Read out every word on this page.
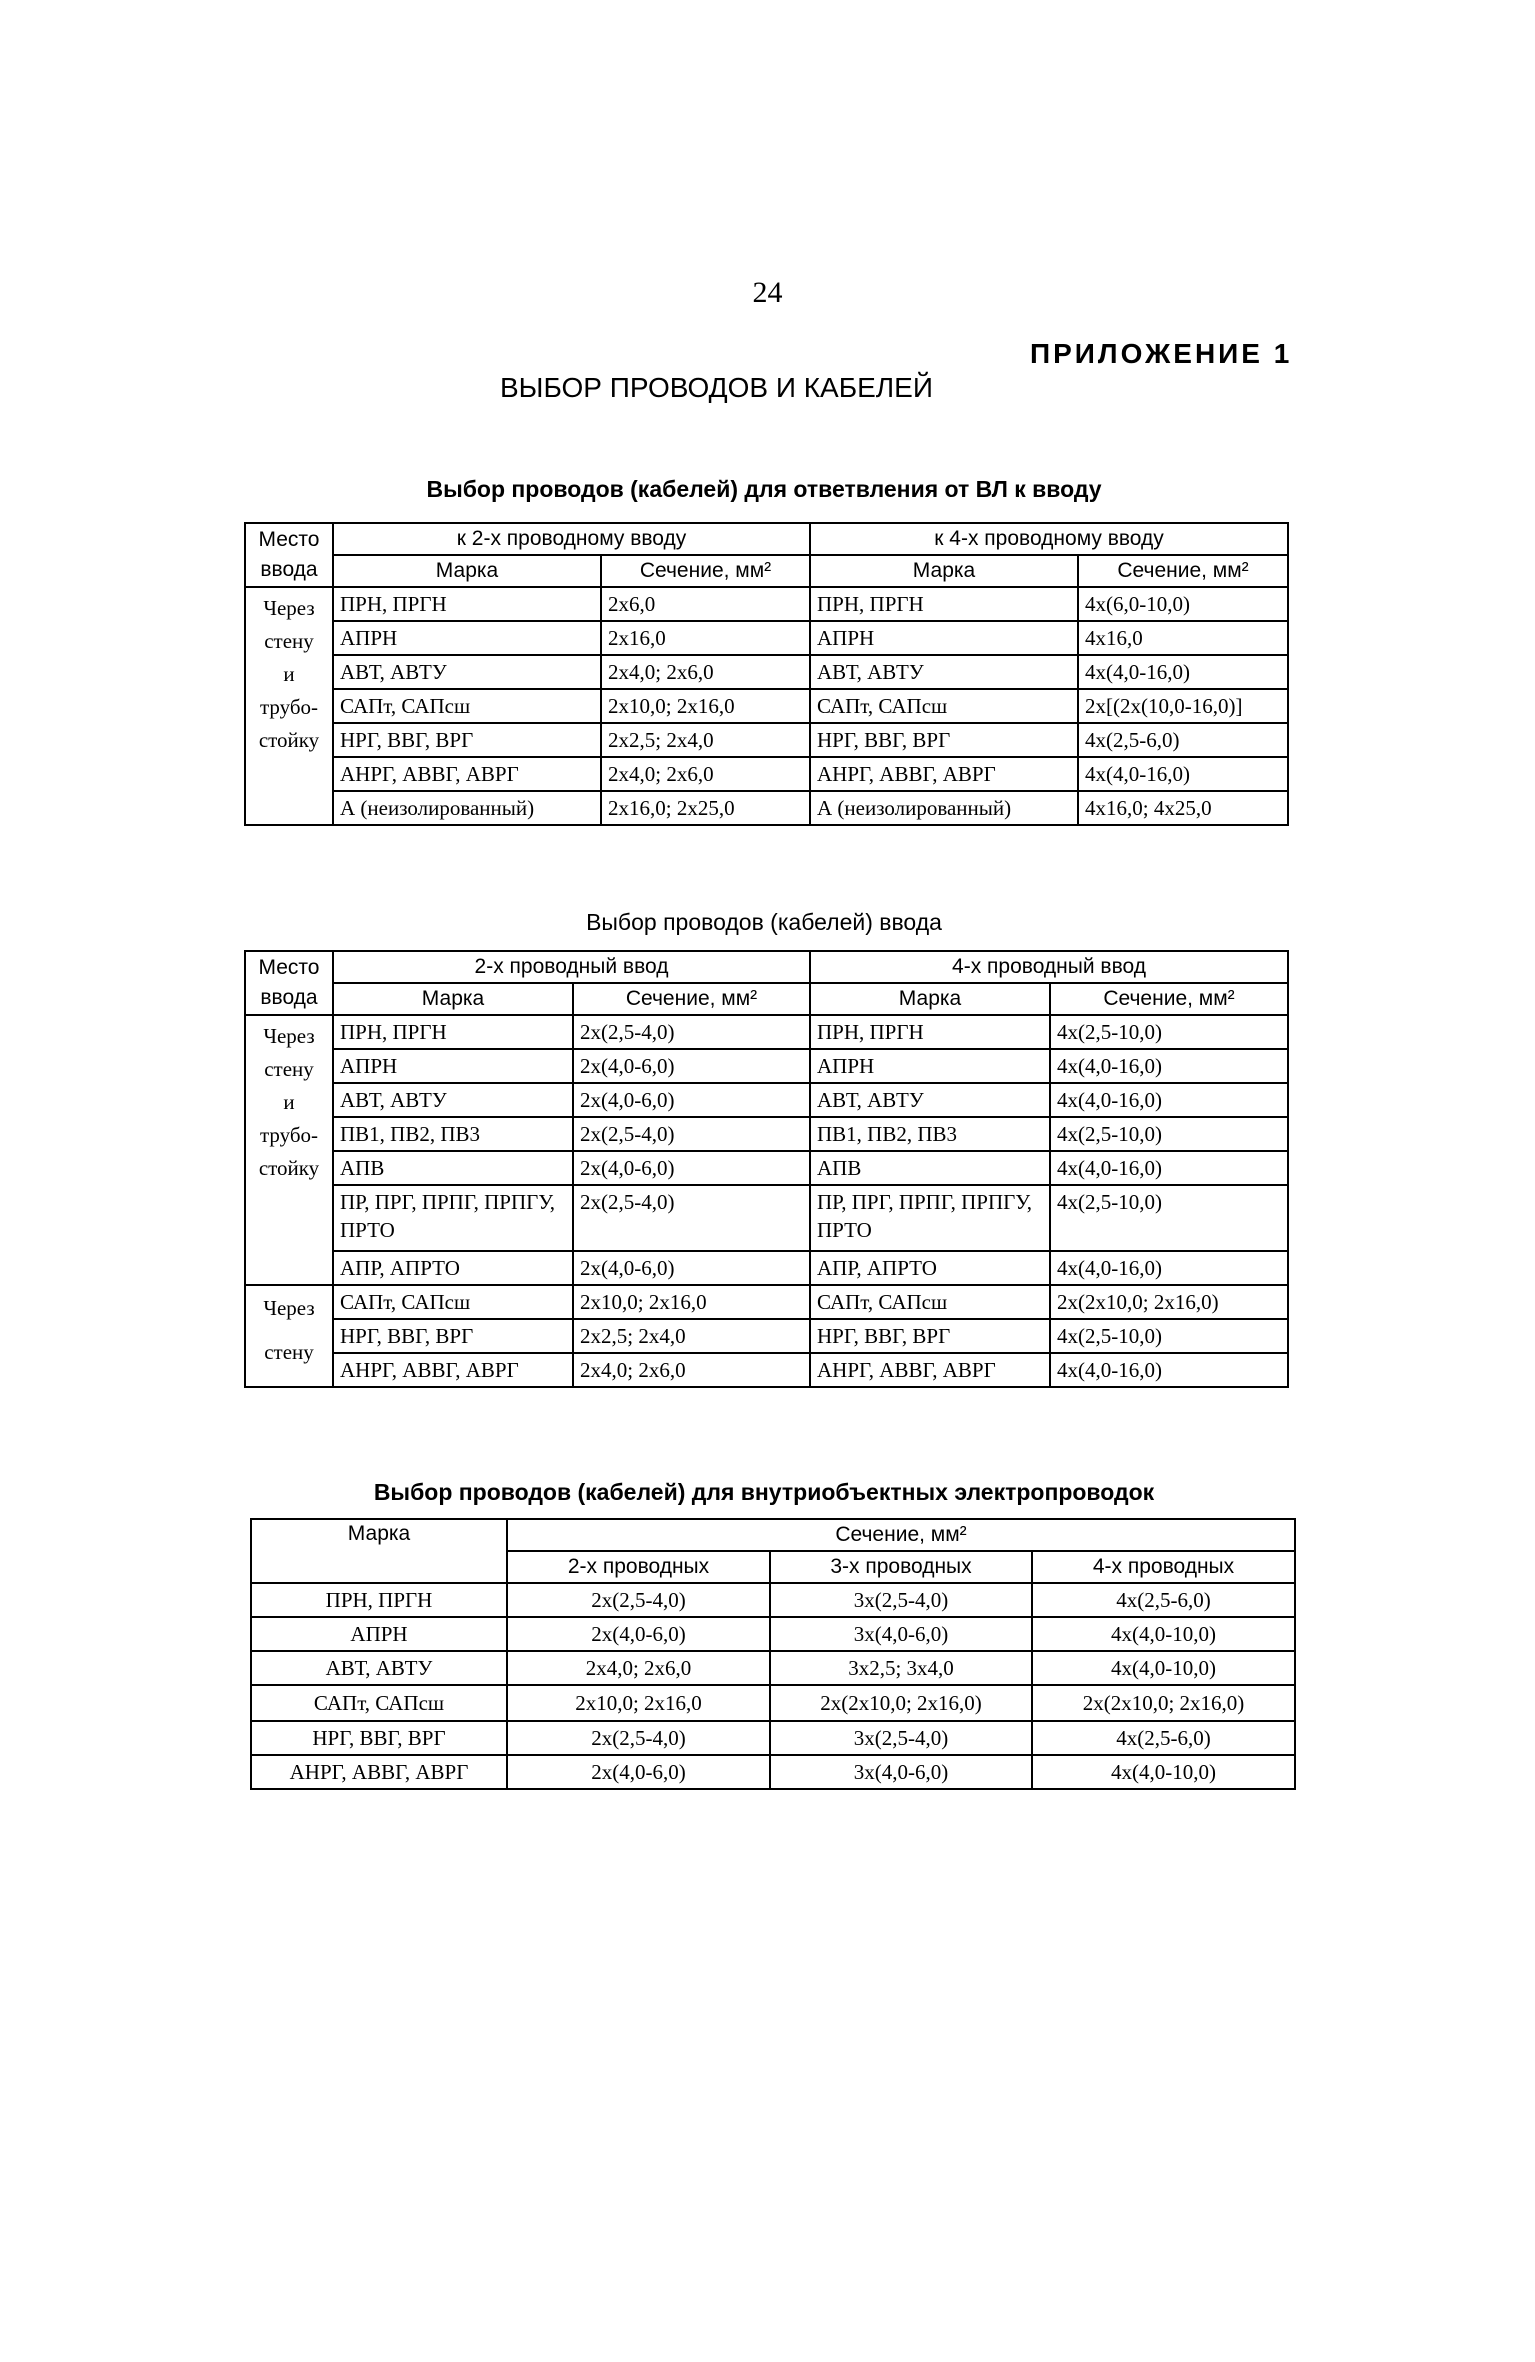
24
ПРИЛОЖЕНИЕ 1
ВЫБОР ПРОВОДОВ И КАБЕЛЕЙ
Выбор проводов (кабелей) для ответвления от ВЛ к вводу
Место ввода	к 2-х проводному вводу		к 4-х проводному вводу	
	Марка	Сечение, мм²	Марка	Сечение, мм²

Через
стену
и
трубо-
стойку	ПРН, ПРГН	2х6,0	ПРН, ПРГН	4х(6,0-10,0)
	АПРН	2х16,0	АПРН	4х16,0
	АВТ, АВТУ	2х4,0; 2х6,0	АВТ, АВТУ	4х(4,0-16,0)
	САПт, САПсш	2х10,0; 2х16,0	САПт, САПсш	2х[(2х(10,0-16,0)]
	НРГ, ВВГ, ВРГ	2х2,5; 2х4,0	НРГ, ВВГ, ВРГ	4х(2,5-6,0)
	АНРГ, АВВГ, АВРГ	2х4,0; 2х6,0	АНРГ, АВВГ, АВРГ	4х(4,0-16,0)
	А (неизолированный)	2х16,0; 2х25,0	А (неизолированный)	4х16,0; 4х25,0
Выбор проводов (кабелей) ввода
Место ввода	2-х проводный ввод		4-х проводный ввод	
	Марка	Сечение, мм²	Марка	Сечение, мм²

Через
стену
и
трубо-
стойку	ПРН, ПРГН	2х(2,5-4,0)	ПРН, ПРГН	4х(2,5-10,0)
	АПРН	2х(4,0-6,0)	АПРН	4х(4,0-16,0)
	АВТ, АВТУ	2х(4,0-6,0)	АВТ, АВТУ	4х(4,0-16,0)
	ПВ1, ПВ2, ПВ3	2х(2,5-4,0)	ПВ1, ПВ2, ПВ3	4х(2,5-10,0)
	АПВ	2х(4,0-6,0)	АПВ	4х(4,0-16,0)
	ПР, ПРГ, ПРПГ, ПРПГУ, ПРТО	2х(2,5-4,0)	ПР, ПРГ, ПРПГ, ПРПГУ, ПРТО	4х(2,5-10,0)
	АПР, АПРТО	2х(4,0-6,0)	АПР, АПРТО	4х(4,0-16,0)

Через
стену	САПт, САПсш	2х10,0; 2х16,0	САПт, САПсш	2х(2х10,0; 2х16,0)
	НРГ, ВВГ, ВРГ	2х2,5; 2х4,0	НРГ, ВВГ, ВРГ	4х(2,5-10,0)
	АНРГ, АВВГ, АВРГ	2х4,0; 2х6,0	АНРГ, АВВГ, АВРГ	4х(4,0-16,0)
Выбор проводов (кабелей) для внутриобъектных электропроводок
Марка	Сечение, мм²		
	2-х проводных	3-х проводных	4-х проводных
ПРН, ПРГН	2х(2,5-4,0)	3х(2,5-4,0)	4х(2,5-6,0)
АПРН	2х(4,0-6,0)	3х(4,0-6,0)	4х(4,0-10,0)
АВТ, АВТУ	2х4,0; 2х6,0	3х2,5; 3х4,0	4х(4,0-10,0)
САПт, САПсш	2х10,0; 2х16,0	2х(2х10,0; 2х16,0)	2х(2х10,0; 2х16,0)
НРГ, ВВГ, ВРГ	2х(2,5-4,0)	3х(2,5-4,0)	4х(2,5-6,0)
АНРГ, АВВГ, АВРГ	2х(4,0-6,0)	3х(4,0-6,0)	4х(4,0-10,0)
